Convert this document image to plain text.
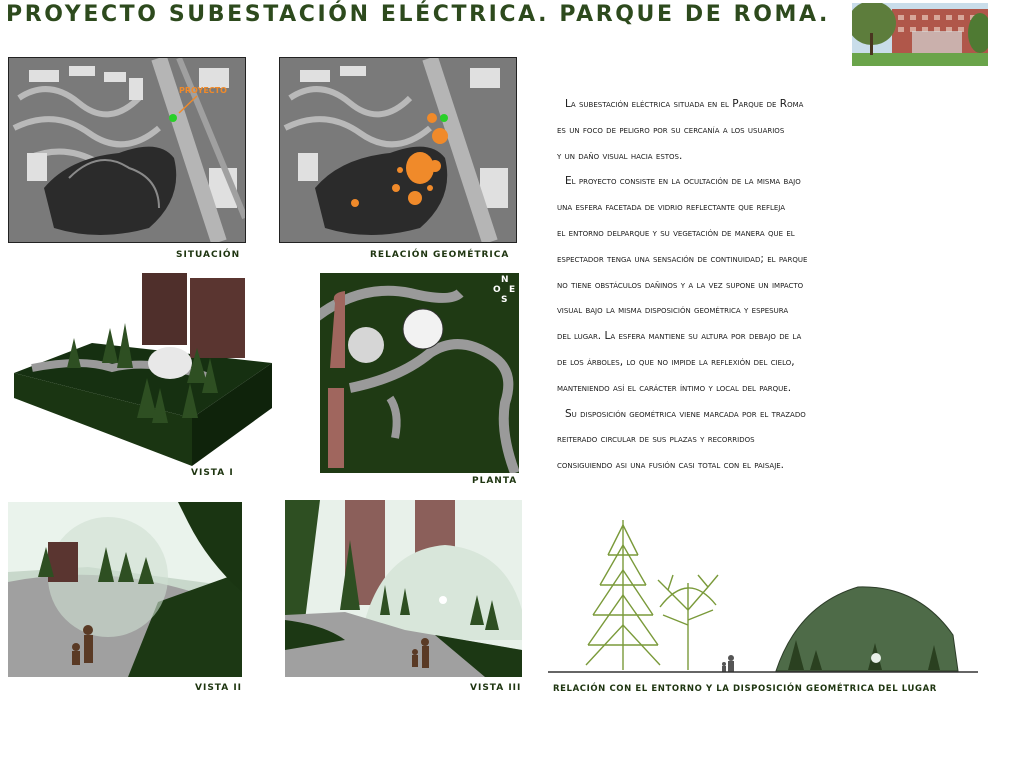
PROYECTO SUBESTACIÓN ELÉCTRICA. PARQUE DE ROMA.
PROYECTO
SITUACIÓN	RELACIÓN GEOMÉTRICA
VISTA I
N
O E
S
PLANTA
VISTA II	VISTA III

La subestación eléctrica situada en el Parque de Roma

es un foco de peligro por su cercanía a los usuarios

y un daño visual hacia estos.

El proyecto consiste en la ocultación de la misma bajo

una esfera facetada de vidrio reflectante que refleja

el entorno delparque y su vegetación de manera que el

espectador tenga una sensación de continuidad; el parque

no tiene obstáculos dañinos y a la vez supone un impacto

visual bajo la misma disposición geométrica y espesura

del lugar. La esfera mantiene su altura por debajo de la

de los árboles, lo que no impide la reflexión del cielo,

manteniendo así el carácter íntimo y local del parque.

Su disposición geométrica viene marcada por el trazado

reiterado circular de sus plazas y recorridos

consiguiendo asi una fusión casi total con el paisaje.

RELACIÓN CON EL ENTORNO Y LA DISPOSICIÓN GEOMÉTRICA DEL LUGAR
